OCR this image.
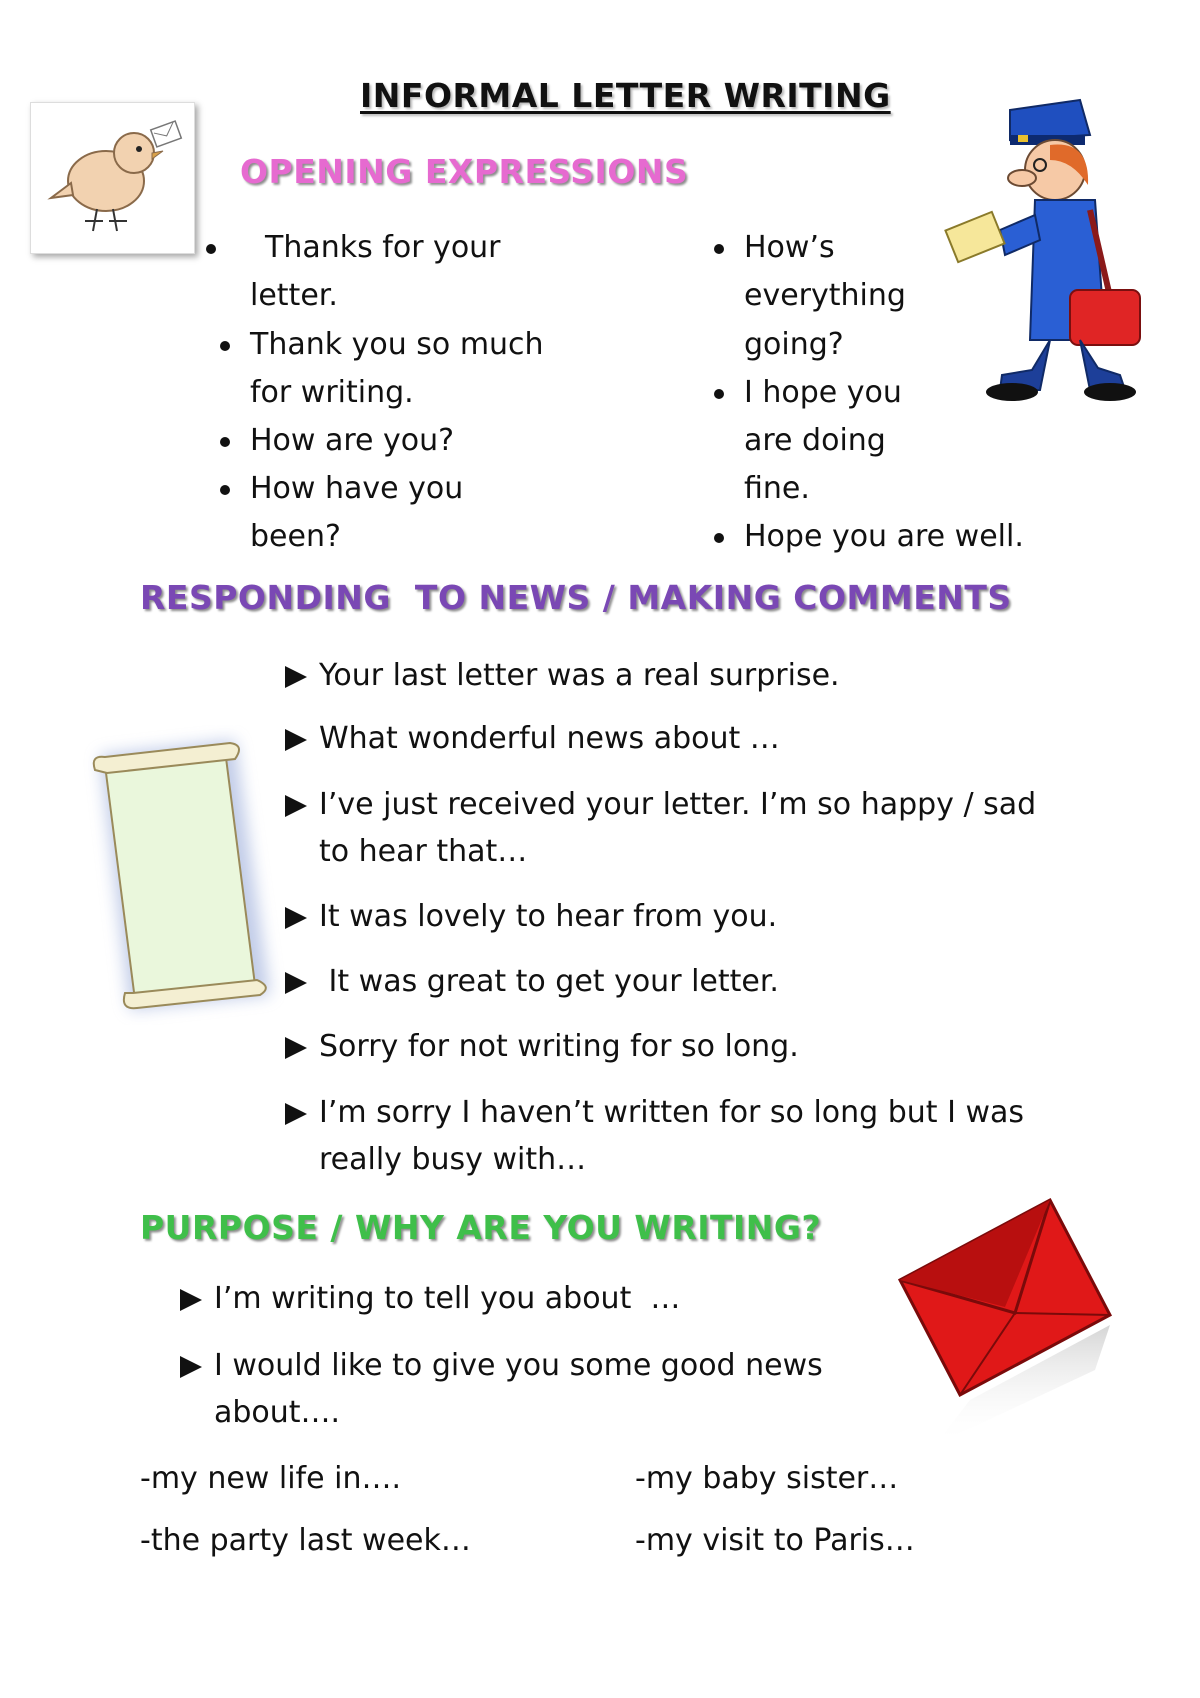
INFORMAL LETTER WRITING
OPENING EXPRESSIONS
Thanks for your
letter.
Thank you so much
for writing.
How are you?
How have you
been?
How’s
everything
going?
I hope you
are doing
fine.
Hope you are well.
RESPONDING  TO NEWS / MAKING COMMENTS
Your last letter was a real surprise.
What wonderful news about …
I’ve just received your letter. I’m so happy / sad
to hear that…
It was lovely to hear from you.
It was great to get your letter.
Sorry for not writing for so long.
I’m sorry I haven’t written for so long but I was
really busy with…
PURPOSE / WHY ARE YOU WRITING?
I’m writing to tell you about  …
I would like to give you some good news
about….
-my new life in….
-the party last week…
-my baby sister…
-my visit to Paris…
